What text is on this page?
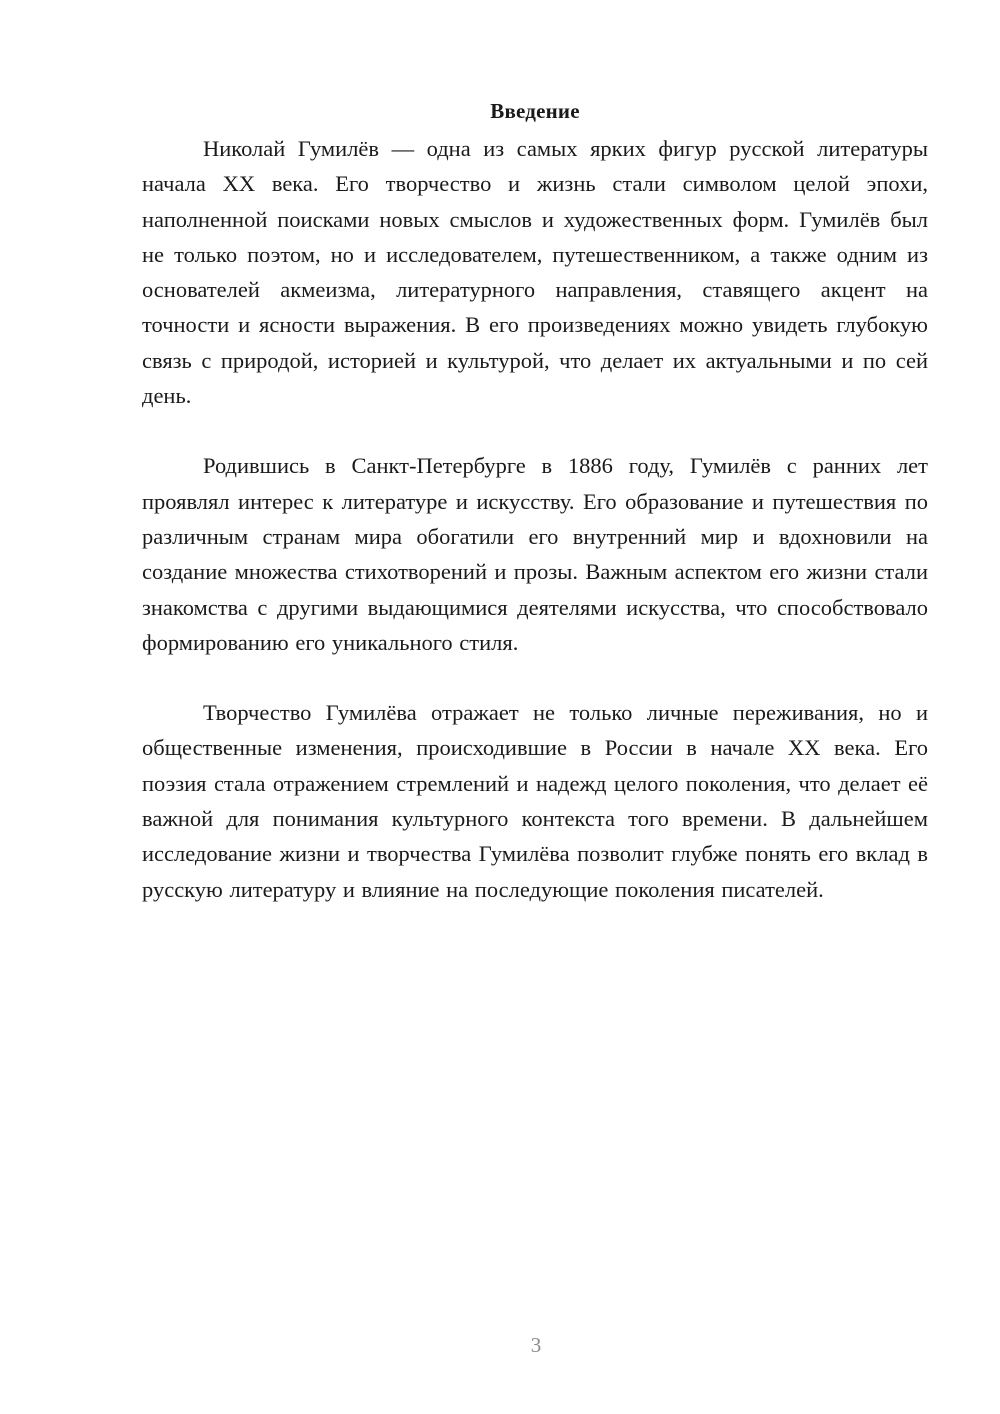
Введение

Николай Гумилёв — одна из самых ярких фигур русской литературы начала XX века. Его творчество и жизнь стали символом целой эпохи, наполненной поисками новых смыслов и художественных форм. Гумилёв был не только поэтом, но и исследователем, путешественником, а также одним из основателей акмеизма, литературного направления, ставящего акцент на точности и ясности выражения. В его произведениях можно увидеть глубокую связь с природой, историей и культурой, что делает их актуальными и по сей день.

Родившись в Санкт-Петербурге в 1886 году, Гумилёв с ранних лет проявлял интерес к литературе и искусству. Его образование и путешествия по различным странам мира обогатили его внутренний мир и вдохновили на создание множества стихотворений и прозы. Важным аспектом его жизни стали знакомства с другими выдающимися деятелями искусства, что способствовало формированию его уникального стиля.

Творчество Гумилёва отражает не только личные переживания, но и общественные изменения, происходившие в России в начале XX века. Его поэзия стала отражением стремлений и надежд целого поколения, что делает её важной для понимания культурного контекста того времени. В дальнейшем исследование жизни и творчества Гумилёва позволит глубже понять его вклад в русскую литературу и влияние на последующие поколения писателей.

3
